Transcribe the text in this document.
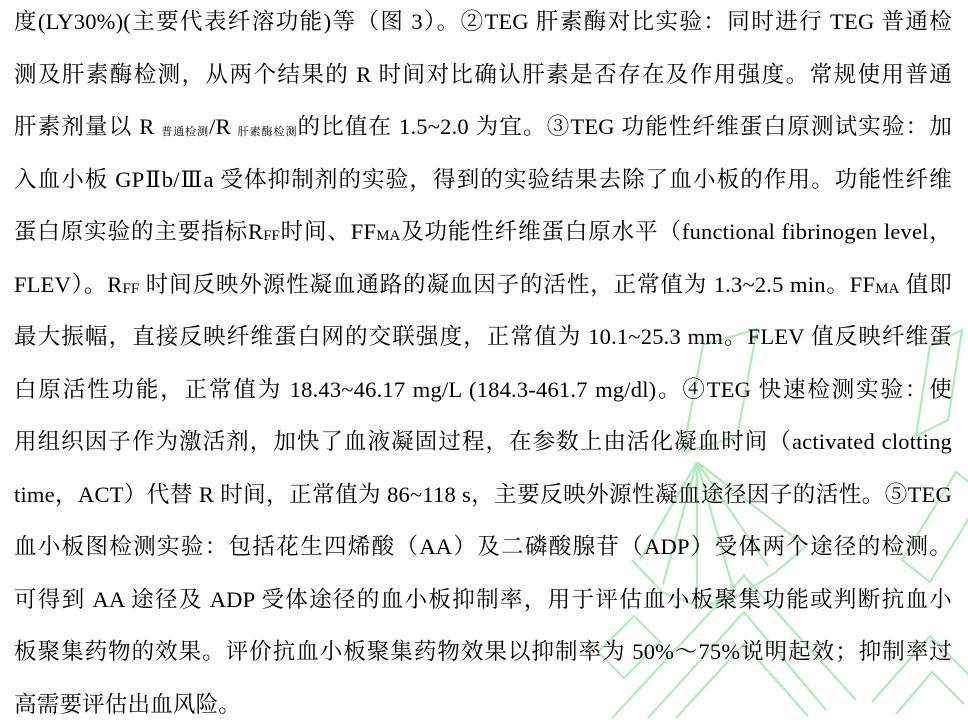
度(LY30%)(主要代表纤溶功能)等（图 3）。②TEG 肝素酶对比实验：同时进行 TEG 普通检
测及肝素酶检测，从两个结果的 R 时间对比确认肝素是否存在及作用强度。常规使用普通
肝素剂量以 R 普通检测/R 肝素酶检测的比值在 1.5~2.0 为宜。③TEG 功能性纤维蛋白原测试实验：加
入血小板 GPⅡb/Ⅲa 受体抑制剂的实验，得到的实验结果去除了血小板的作用。功能性纤维
蛋白原实验的主要指标RFF时间、FFMA及功能性纤维蛋白原水平（functional fibrinogen level，
FLEV）。RFF 时间反映外源性凝血通路的凝血因子的活性，正常值为 1.3~2.5 min。FFMA 值即
最大振幅，直接反映纤维蛋白网的交联强度，正常值为 10.1~25.3 mm。FLEV 值反映纤维蛋
白原活性功能，正常值为 18.43~46.17 mg/L (184.3-461.7 mg/dl)。④TEG 快速检测实验：使
用组织因子作为激活剂，加快了血液凝固过程，在参数上由活化凝血时间（activated clotting
time，ACT）代替 R 时间，正常值为 86~118 s，主要反映外源性凝血途径因子的活性。⑤TEG
血小板图检测实验：包括花生四烯酸（AA）及二磷酸腺苷（ADP）受体两个途径的检测。
可得到 AA 途径及 ADP 受体途径的血小板抑制率，用于评估血小板聚集功能或判断抗血小
板聚集药物的效果。评价抗血小板聚集药物效果以抑制率为 50%～75%说明起效；抑制率过
高需要评估出血风险。
